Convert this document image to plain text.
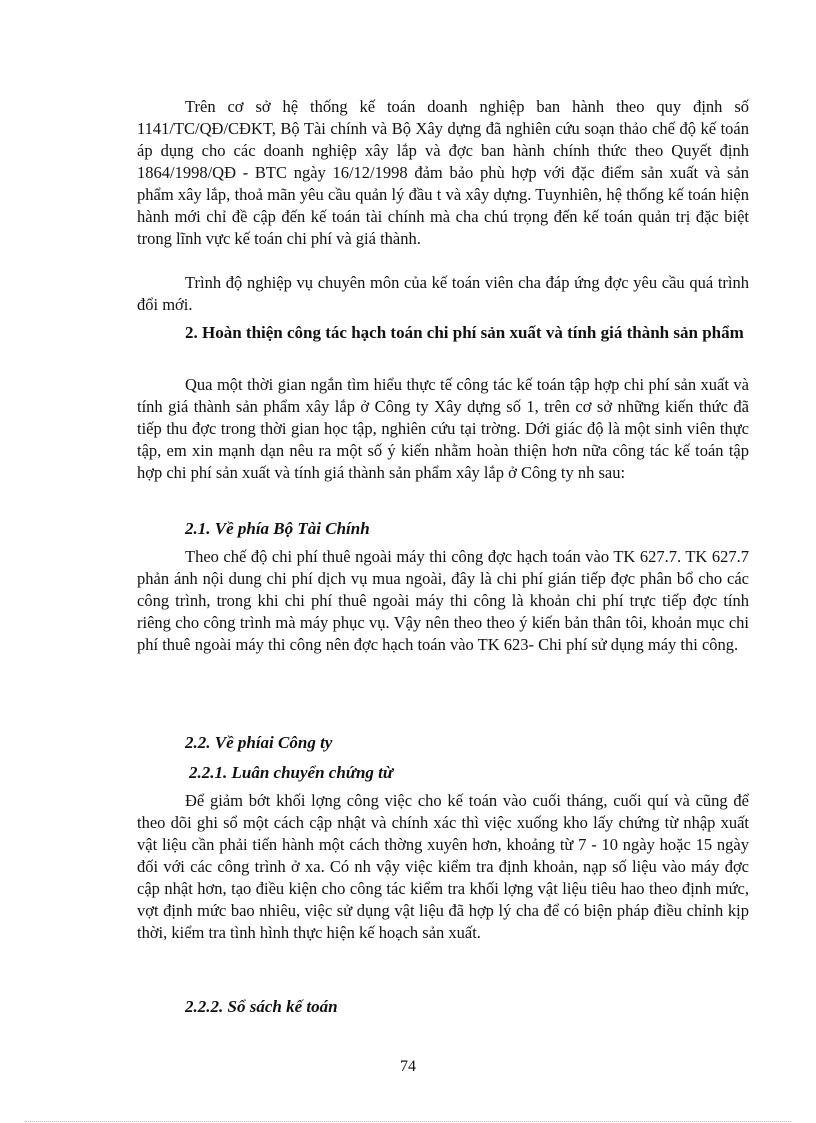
Trên cơ sở hệ thống kế toán doanh nghiệp ban hành theo quy định số 1141/TC/QĐ/CĐKT, Bộ Tài chính và Bộ Xây dựng đã nghiên cứu soạn thảo chế độ kế toán áp dụng cho các doanh nghiệp xây lắp và đợc ban hành chính thức theo Quyết định 1864/1998/QĐ - BTC ngày 16/12/1998 đảm bảo phù hợp với đặc điểm sản xuất và sản phẩm xây lắp, thoả mãn yêu cầu quản lý đầu t và xây dựng. Tuynhiên, hệ thống kế toán hiện hành mới chỉ đề cập đến kế toán tài chính mà cha chú trọng đến kế toán quản trị đặc biệt trong lĩnh vực kế toán chi phí và giá thành.

Trình độ nghiệp vụ chuyên môn của kế toán viên cha đáp ứng đợc yêu cầu quá trình đổi mới.

2. Hoàn thiện công tác hạch toán chi phí sản xuất và tính giá thành sản phẩm

Qua một thời gian ngắn tìm hiểu thực tế công tác kế toán tập hợp chi phí sản xuất và tính giá thành sản phẩm xây lắp ở Công ty Xây dựng số 1, trên cơ sở những kiến thức đã tiếp thu đợc trong thời gian học tập, nghiên cứu tại trờng. Dới giác độ là một sinh viên thực tập, em xin mạnh dạn nêu ra một số ý kiến nhằm hoàn thiện hơn nữa công tác kế toán tập hợp chi phí sản xuất và tính giá thành sản phẩm xây lắp ở Công ty nh sau:

2.1. Về phía Bộ Tài Chính

Theo chế độ chi phí thuê ngoài máy thi công đợc hạch toán vào TK 627.7. TK 627.7 phản ánh nội dung chi phí dịch vụ mua ngoài, đây là chi phí gián tiếp đợc phân bổ cho các công trình, trong khi chi phí thuê ngoài máy thi công là khoản chi phí trực tiếp đợc tính riêng cho công trình mà máy phục vụ. Vậy nên theo theo ý kiến bản thân tôi, khoản mục chi phí thuê ngoài máy thi công nên đợc hạch toán vào TK 623- Chi phí sử dụng máy thi công.

2.2. Về phíai Công ty

2.2.1. Luân chuyển chứng từ

Để giảm bớt khối lợng công việc cho kế toán vào cuối tháng, cuối quí và cũng để theo dõi ghi sổ một cách cập nhật và chính xác thì việc xuống kho lấy chứng từ nhập xuất vật liệu cần phải tiến hành một cách thờng xuyên hơn, khoảng từ 7 - 10 ngày hoặc 15 ngày đối với các công trình ở xa. Có nh vậy việc kiểm tra định khoản, nạp số liệu vào máy đợc cập nhật hơn, tạo điều kiện cho công tác kiểm tra khối lợng vật liệu tiêu hao theo định mức, vợt định mức bao nhiêu, việc sử dụng vật liệu đã hợp lý cha để có biện pháp điều chỉnh kịp thời, kiểm tra tình hình thực hiện kế hoạch sản xuất.

2.2.2. Sổ sách kế toán

74
